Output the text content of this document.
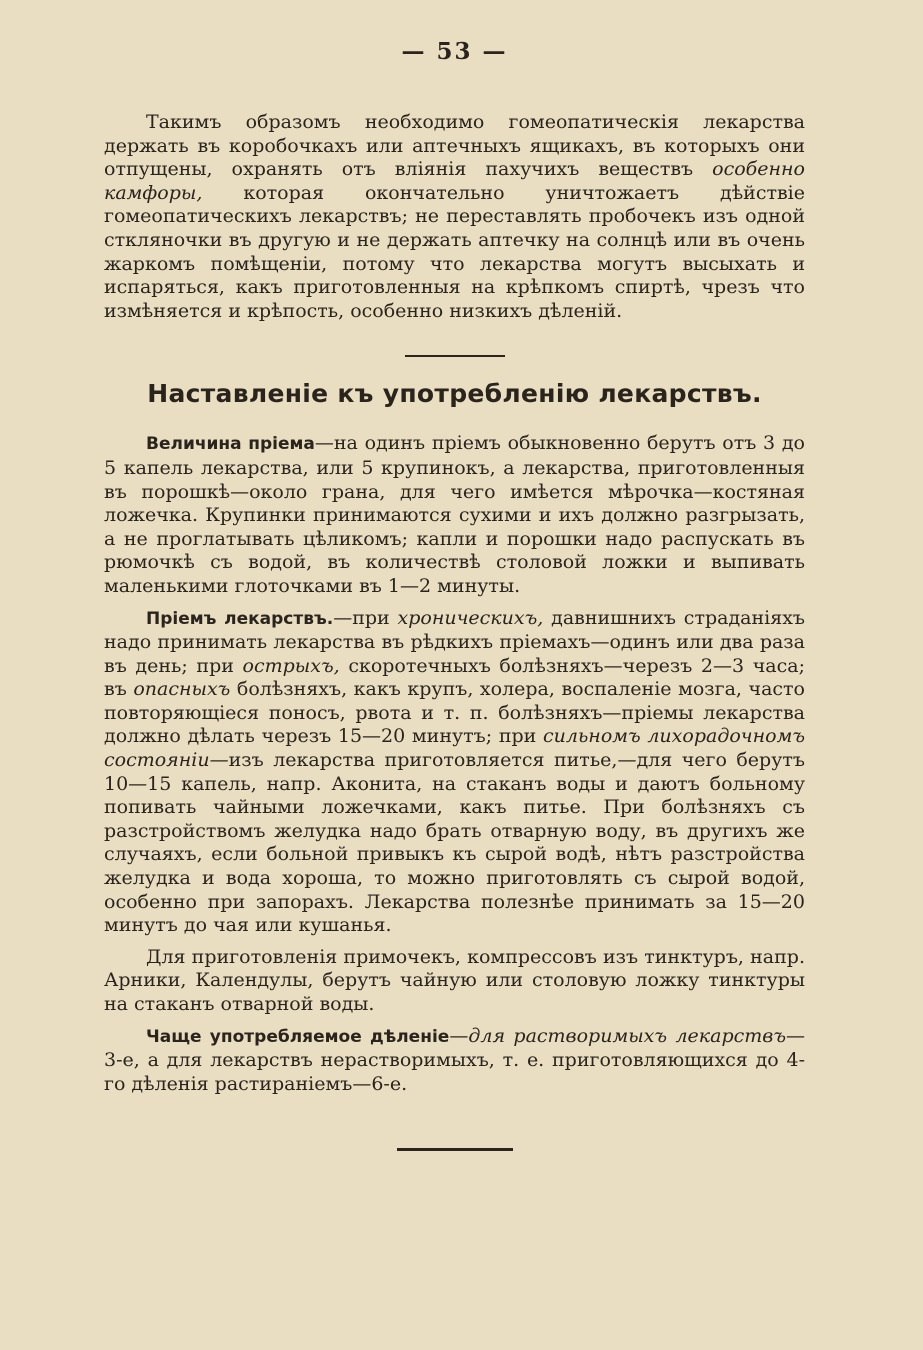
— 53 —

Такимъ образомъ необходимо гомеопатическія лекарства держать въ коробочкахъ или аптечныхъ ящикахъ, въ которыхъ они отпущены, охранять отъ вліянія пахучихъ веществъ особенно камфоры, которая окончательно уничтожаетъ дѣйствіе гомеопатическихъ лекарствъ; не переставлять пробочекъ изъ одной стклянoчки въ другую и не держать аптечку на солнцѣ или въ очень жаркомъ помѣщеніи, потому что лекарства могутъ высыхать и испаряться, какъ приготовленныя на крѣпкомъ спиртѣ, чрезъ что измѣняется и крѣпость, особенно низкихъ дѣленій.

Наставленіе къ употребленію лекарствъ.

Величина пріема—на одинъ пріемъ обыкновенно берутъ отъ 3 до 5 капель лекарства, или 5 крупинокъ, а лекарства, приготовленныя въ порошкѣ—около грана, для чего имѣется мѣрочка—костяная ложечка. Крупинки принимаются сухими и ихъ должно разгрызать, а не проглатывать цѣликомъ; капли и порошки надо распускать въ рюмочкѣ съ водой, въ количествѣ столовой ложки и выпивать маленькими глоточками въ 1—2 минуты.

Пріемъ лекарствъ.—при хроническихъ, давнишнихъ страданіяхъ надо принимать лекарства въ рѣдкихъ пріемахъ—одинъ или два раза въ день; при острыхъ, скоротечныхъ болѣзняхъ—черезъ 2—3 часа; въ опасныхъ болѣзняхъ, какъ крупъ, холера, воспаленіе мозга, часто повторяющіеся поносъ, рвота и т. п. болѣзняхъ—пріемы лекарства должно дѣлать черезъ 15—20 минутъ; при сильномъ лихорадочномъ состояніи—изъ лекарства приготовляется питье,—для чего берутъ 10—15 капель, напр. Аконита, на стаканъ воды и даютъ больному попивать чайными ложечками, какъ питье. При болѣзняхъ съ разстройствомъ желудка надо брать отварную воду, въ другихъ же случаяхъ, если больной привыкъ къ сырой водѣ, нѣтъ разстройства желудка и вода хороша, то можно приготовлять съ сырой водой, особенно при запорахъ. Лекарства полезнѣе принимать за 15—20 минутъ до чая или кушанья.

Для приготовленія примочекъ, компрессовъ изъ тинктуръ, напр. Арники, Календулы, берутъ чайную или столовую ложку тинктуры на стаканъ отварной воды.

Чаще употребляемое дѣленіе—для растворимыхъ лекарствъ—3-е, а для лекарствъ нерастворимыхъ, т. е. приготовляющихся до 4-го дѣленія растираніемъ—6-е.
